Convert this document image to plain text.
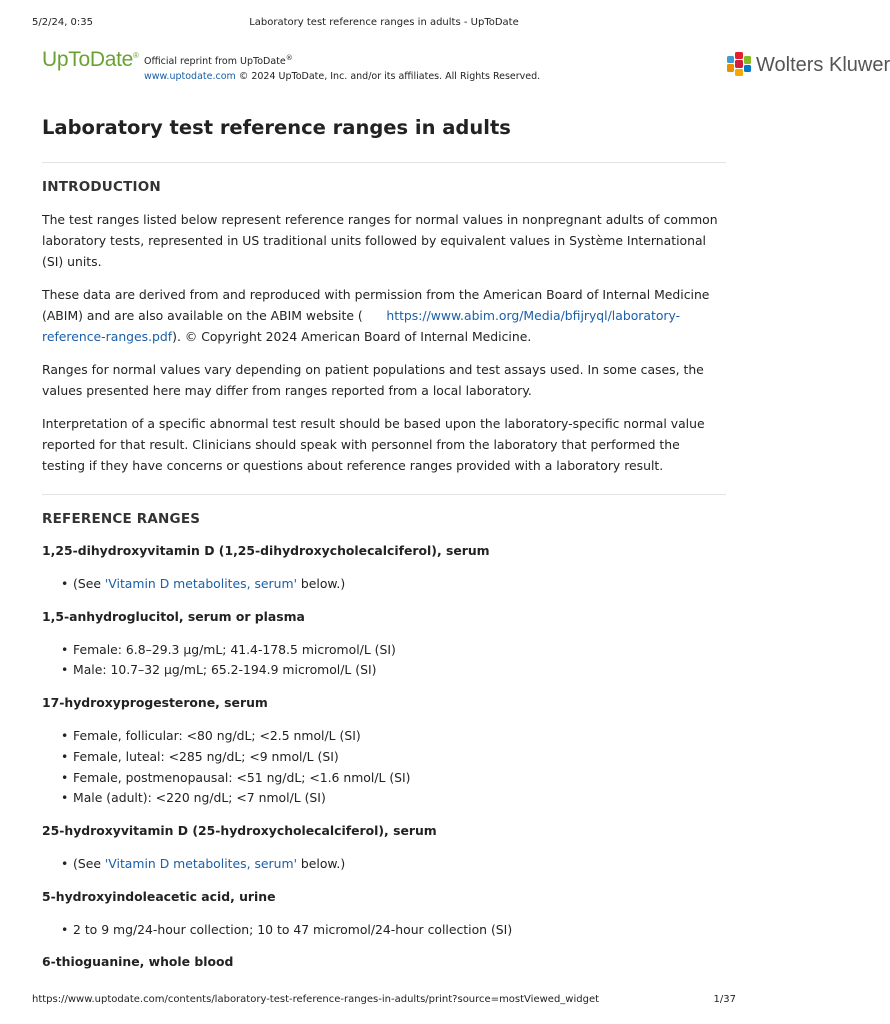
5/2/24, 0:35	Laboratory test reference ranges in adults - UpToDate
UpToDate®
Official reprint from UpToDate®
www.uptodate.com © 2024 UpToDate, Inc. and/or its affiliates. All Rights Reserved.
Wolters Kluwer
Laboratory test reference ranges in adults
INTRODUCTION

The test ranges listed below represent reference ranges for normal values in nonpregnant adults of common laboratory tests, represented in US traditional units followed by equivalent values in Système International (SI) units.

These data are derived from and reproduced with permission from the American Board of Internal Medicine (ABIM) and are also available on the ABIM website ( https://www.abim.org/Media/bfijryql/laboratory-reference-ranges.pdf). © Copyright 2024 American Board of Internal Medicine.

Ranges for normal values vary depending on patient populations and test assays used. In some cases, the values presented here may differ from ranges reported from a local laboratory.

Interpretation of a specific abnormal test result should be based upon the laboratory-specific normal value reported for that result. Clinicians should speak with personnel from the laboratory that performed the testing if they have concerns or questions about reference ranges provided with a laboratory result.

REFERENCE RANGES
1,25-dihydroxyvitamin D (1,25-dihydroxycholecalciferol), serum
• (See 'Vitamin D metabolites, serum' below.)
1,5-anhydroglucitol, serum or plasma
• Female: 6.8–29.3 µg/mL; 41.4-178.5 micromol/L (SI)
• Male: 10.7–32 µg/mL; 65.2-194.9 micromol/L (SI)
17-hydroxyprogesterone, serum
• Female, follicular: <80 ng/dL; <2.5 nmol/L (SI)
• Female, luteal: <285 ng/dL; <9 nmol/L (SI)
• Female, postmenopausal: <51 ng/dL; <1.6 nmol/L (SI)
• Male (adult): <220 ng/dL; <7 nmol/L (SI)
25-hydroxyvitamin D (25-hydroxycholecalciferol), serum
• (See 'Vitamin D metabolites, serum' below.)
5-hydroxyindoleacetic acid, urine
• 2 to 9 mg/24-hour collection; 10 to 47 micromol/24-hour collection (SI)
6-thioguanine, whole blood
https://www.uptodate.com/contents/laboratory-test-reference-ranges-in-adults/print?source=mostViewed_widget	1/37
